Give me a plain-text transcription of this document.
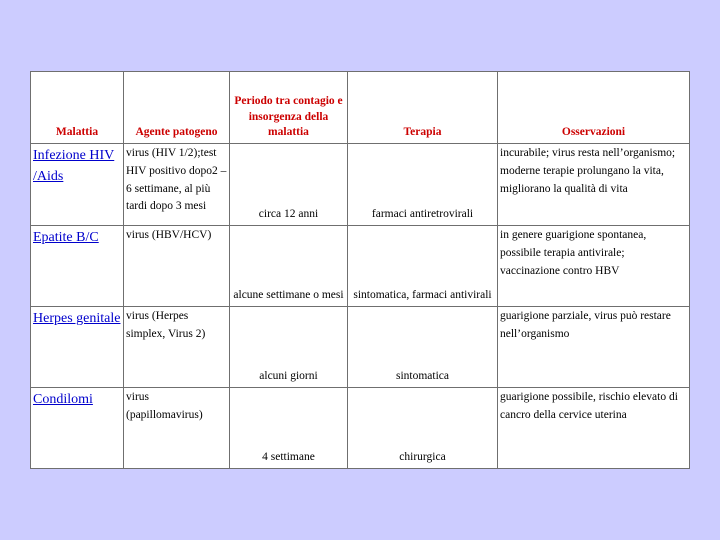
Malattia	Agente patogeno	Periodo tra contagio e insorgenza della malattia	Terapia	Osservazioni
Infezione HIV /Aids	virus (HIV 1/2);test HIV positivo dopo2 – 6 settimane, al più tardi dopo 3 mesi	circa 12 anni	farmaci antiretrovirali	incurabile; virus resta nell’organismo; moderne terapie prolungano la vita, migliorano la qualità di vita
Epatite B/C	virus (HBV/HCV)	alcune settimane o mesi	sintomatica, farmaci antivirali	in genere guarigione spontanea, possibile terapia antivirale; vaccinazione contro HBV
Herpes genitale	virus (Herpes simplex, Virus 2)	alcuni giorni	sintomatica	guarigione parziale, virus può restare nell’organismo
Condilomi	virus (papillomavirus)	4 settimane	chirurgica	guarigione possibile, rischio elevato di cancro della cervice uterina
